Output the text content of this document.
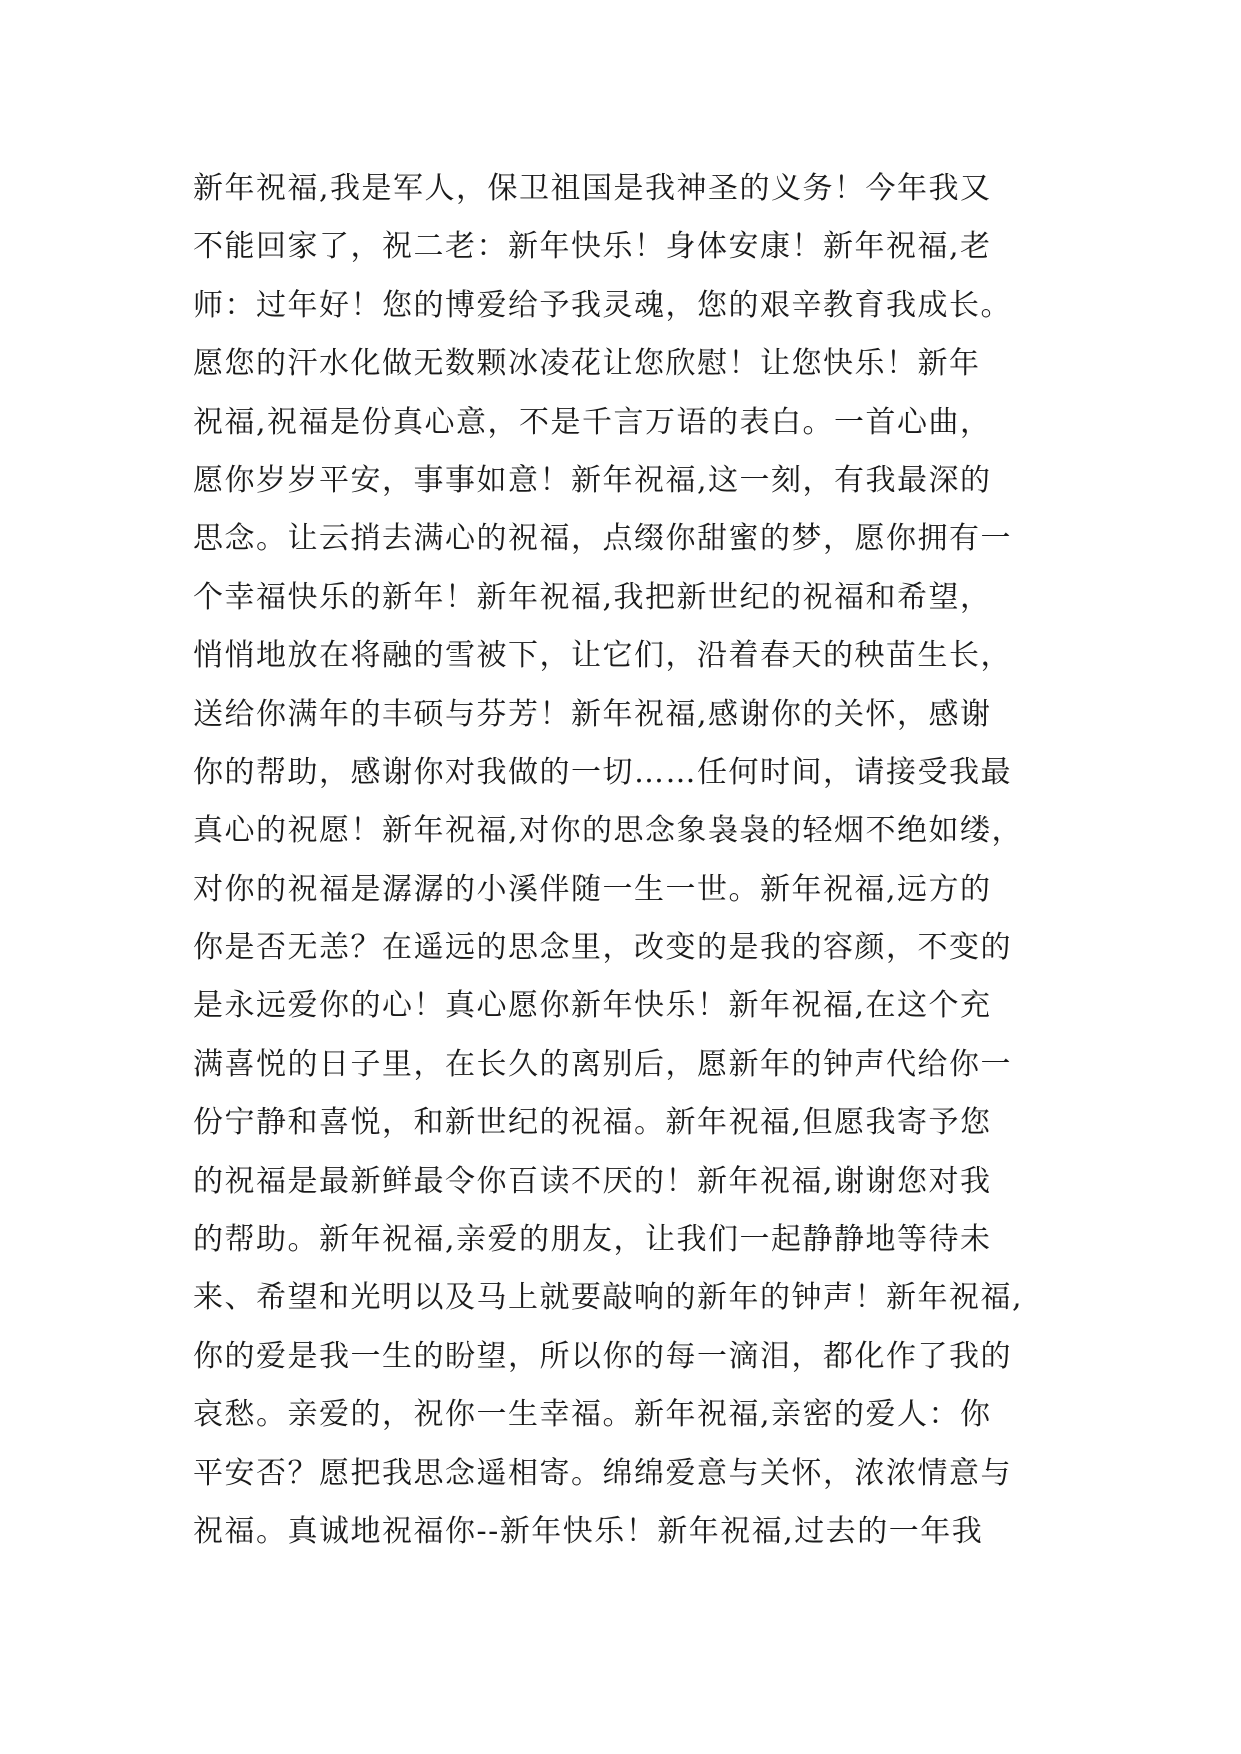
新年祝福,我是军人，保卫祖国是我神圣的义务！今年我又
不能回家了，祝二老：新年快乐！身体安康！新年祝福,老
师：过年好！您的博爱给予我灵魂，您的艰辛教育我成长。
愿您的汗水化做无数颗冰凌花让您欣慰！让您快乐！新年
祝福,祝福是份真心意，不是千言万语的表白。一首心曲，
愿你岁岁平安，事事如意！新年祝福,这一刻，有我最深的
思念。让云捎去满心的祝福，点缀你甜蜜的梦，愿你拥有一
个幸福快乐的新年！新年祝福,我把新世纪的祝福和希望，
悄悄地放在将融的雪被下，让它们，沿着春天的秧苗生长，
送给你满年的丰硕与芬芳！新年祝福,感谢你的关怀，感谢
你的帮助，感谢你对我做的一切……任何时间，请接受我最
真心的祝愿！新年祝福,对你的思念象袅袅的轻烟不绝如缕，
对你的祝福是潺潺的小溪伴随一生一世。新年祝福,远方的
你是否无恙？在遥远的思念里，改变的是我的容颜，不变的
是永远爱你的心！真心愿你新年快乐！新年祝福,在这个充
满喜悦的日子里，在长久的离别后，愿新年的钟声代给你一
份宁静和喜悦，和新世纪的祝福。新年祝福,但愿我寄予您
的祝福是最新鲜最令你百读不厌的！新年祝福,谢谢您对我
的帮助。新年祝福,亲爱的朋友，让我们一起静静地等待未
来、希望和光明以及马上就要敲响的新年的钟声！新年祝福,
你的爱是我一生的盼望，所以你的每一滴泪，都化作了我的
哀愁。亲爱的，祝你一生幸福。新年祝福,亲密的爱人：你
平安否？愿把我思念遥相寄。绵绵爱意与关怀，浓浓情意与
祝福。真诚地祝福你--新年快乐！新年祝福,过去的一年我
